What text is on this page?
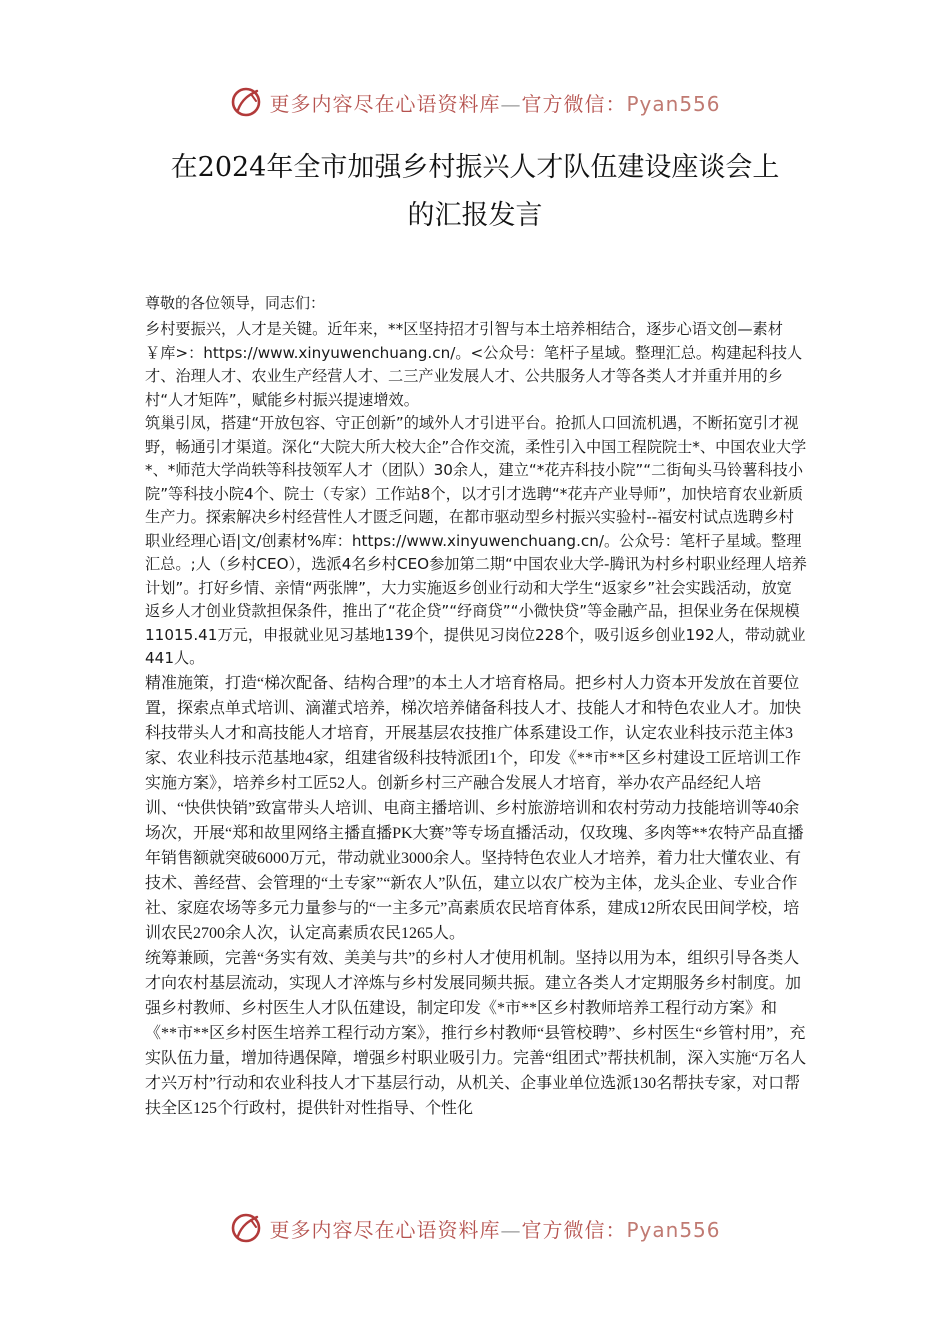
更多内容尽在心语资料库—官方微信：Pyan556
在2024年全市加强乡村振兴人才队伍建设座谈会上
的汇报发言

尊敬的各位领导，同志们：

乡村要振兴，人才是关键。近年来，**区坚持招才引智与本土培养相结合，逐步心语文创—素材￥库>：https://www.xinyuwenchuang.cn/。<公众号：笔杆子星域。整理汇总。构建起科技人才、治理人才、农业生产经营人才、二三产业发展人才、公共服务人才等各类人才并重并用的乡村“人才矩阵”，赋能乡村振兴提速增效。

筑巢引凤，搭建“开放包容、守正创新”的域外人才引进平台。抢抓人口回流机遇，不断拓宽引才视野，畅通引才渠道。深化“大院大所大校大企”合作交流，柔性引入中国工程院院士*、中国农业大学*、*师范大学尚轶等科技领军人才（团队）30余人，建立“*花卉科技小院”“二街甸头马铃薯科技小院”等科技小院4个、院士（专家）工作站8个，以才引才选聘“*花卉产业导师”，加快培育农业新质生产力。探索解决乡村经营性人才匮乏问题，在都市驱动型乡村振兴实验村--福安村试点选聘乡村职业经理心语|文/创素材%库：https://www.xinyuwenchuang.cn/。公众号：笔杆子星域。整理汇总。;人（乡村CEO），选派4名乡村CEO参加第二期“中国农业大学-腾讯为村乡村职业经理人培养计划”。打好乡情、亲情“两张牌”，大力实施返乡创业行动和大学生“返家乡”社会实践活动，放宽返乡人才创业贷款担保条件，推出了“花企贷”“纾商贷”“小微快贷”等金融产品，担保业务在保规模11015.41万元，申报就业见习基地139个，提供见习岗位228个，吸引返乡创业192人，带动就业441人。

精准施策，打造“梯次配备、结构合理”的本土人才培育格局。把乡村人力资本开发放在首要位置，探索点单式培训、滴灌式培养，梯次培养储备科技人才、技能人才和特色农业人才。加快科技带头人才和高技能人才培育，开展基层农技推广体系建设工作，认定农业科技示范主体3家、农业科技示范基地4家，组建省级科技特派团1个，印发《**市**区乡村建设工匠培训工作实施方案》，培养乡村工匠52人。创新乡村三产融合发展人才培育，举办农产品经纪人培训、“快供快销”致富带头人培训、电商主播培训、乡村旅游培训和农村劳动力技能培训等40余场次，开展“郑和故里网络主播直播PK大赛”等专场直播活动，仅玫瑰、多肉等**农特产品直播年销售额就突破6000万元，带动就业3000余人。坚持特色农业人才培养，着力壮大懂农业、有技术、善经营、会管理的“土专家”“新农人”队伍，建立以农广校为主体，龙头企业、专业合作社、家庭农场等多元力量参与的“一主多元”高素质农民培育体系，建成12所农民田间学校，培训农民2700余人次，认定高素质农民1265人。

统筹兼顾，完善“务实有效、美美与共”的乡村人才使用机制。坚持以用为本，组织引导各类人才向农村基层流动，实现人才淬炼与乡村发展同频共振。建立各类人才定期服务乡村制度。加强乡村教师、乡村医生人才队伍建设，制定印发《*市**区乡村教师培养工程行动方案》和《**市**区乡村医生培养工程行动方案》，推行乡村教师“县管校聘”、乡村医生“乡管村用”，充实队伍力量，增加待遇保障，增强乡村职业吸引力。完善“组团式”帮扶机制，深入实施“万名人才兴万村”行动和农业科技人才下基层行动，从机关、企事业单位选派130名帮扶专家，对口帮扶全区125个行政村，提供针对性指导、个性化

更多内容尽在心语资料库—官方微信：Pyan556
